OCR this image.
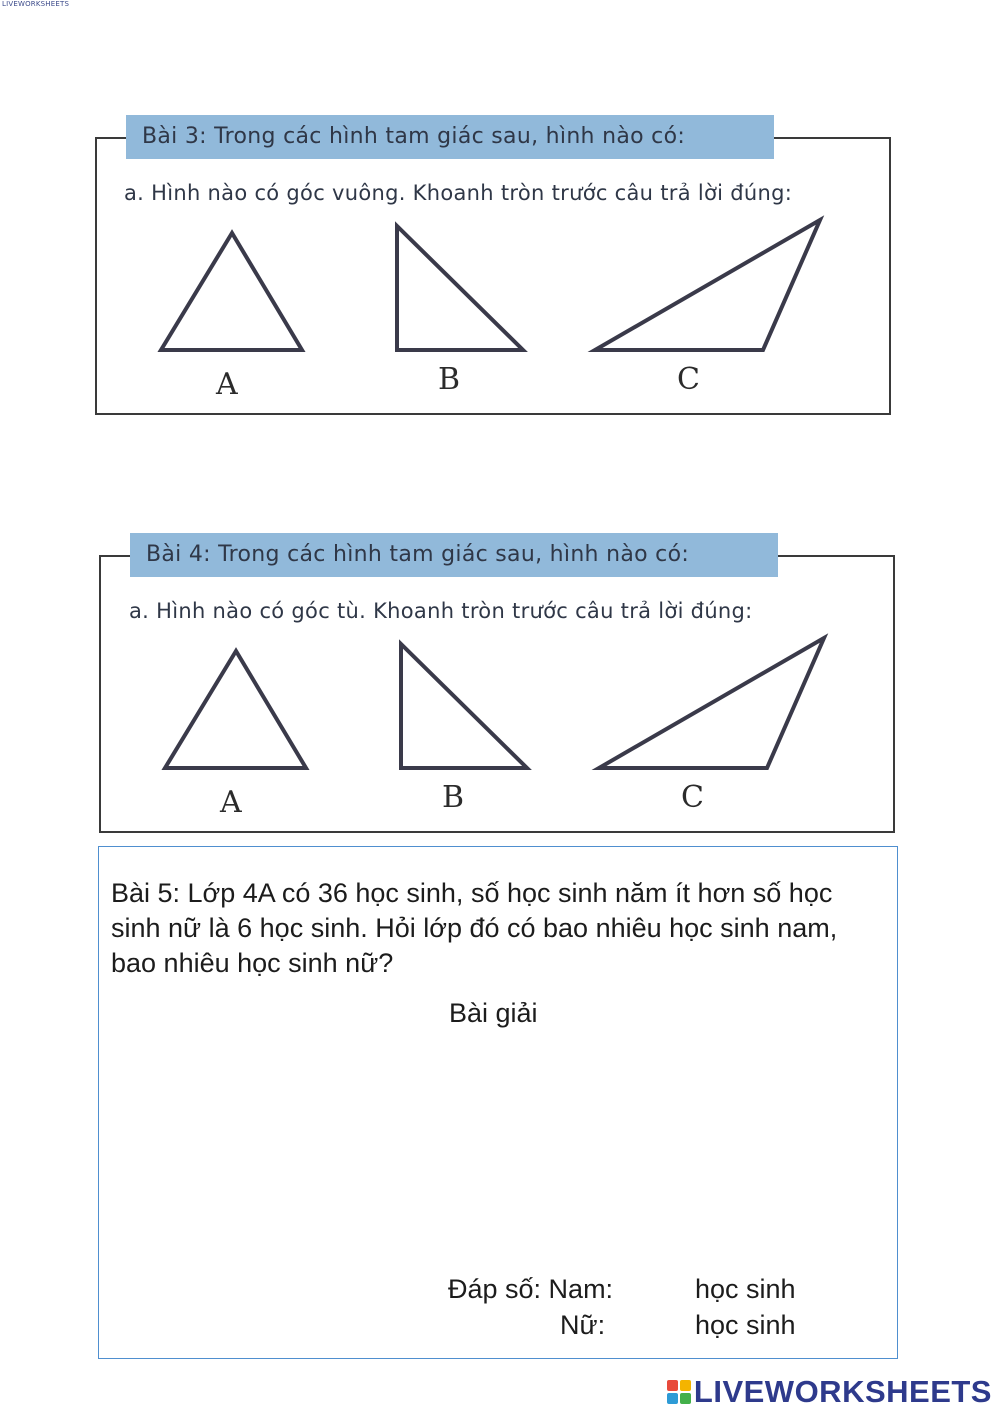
LIVEWORKSHEETS
Bài 3: Trong các hình tam giác sau, hình nào có:
a. Hình nào có góc vuông. Khoanh tròn trước câu trả lời đúng:
A	B	C
Bài 4: Trong các hình tam giác sau, hình nào có:
a. Hình nào có góc tù. Khoanh tròn trước câu trả lời đúng:
A	B	C
Bài 5: Lớp 4A có 36 học sinh, số học sinh năm ít hơn số học
sinh nữ là 6 học sinh. Hỏi lớp đó có bao nhiêu học sinh nam,
bao nhiêu học sinh nữ?
Bài giải
Đáp số: Nam:	học sinh
Nữ:	học sinh
LIVEWORKSHEETS
